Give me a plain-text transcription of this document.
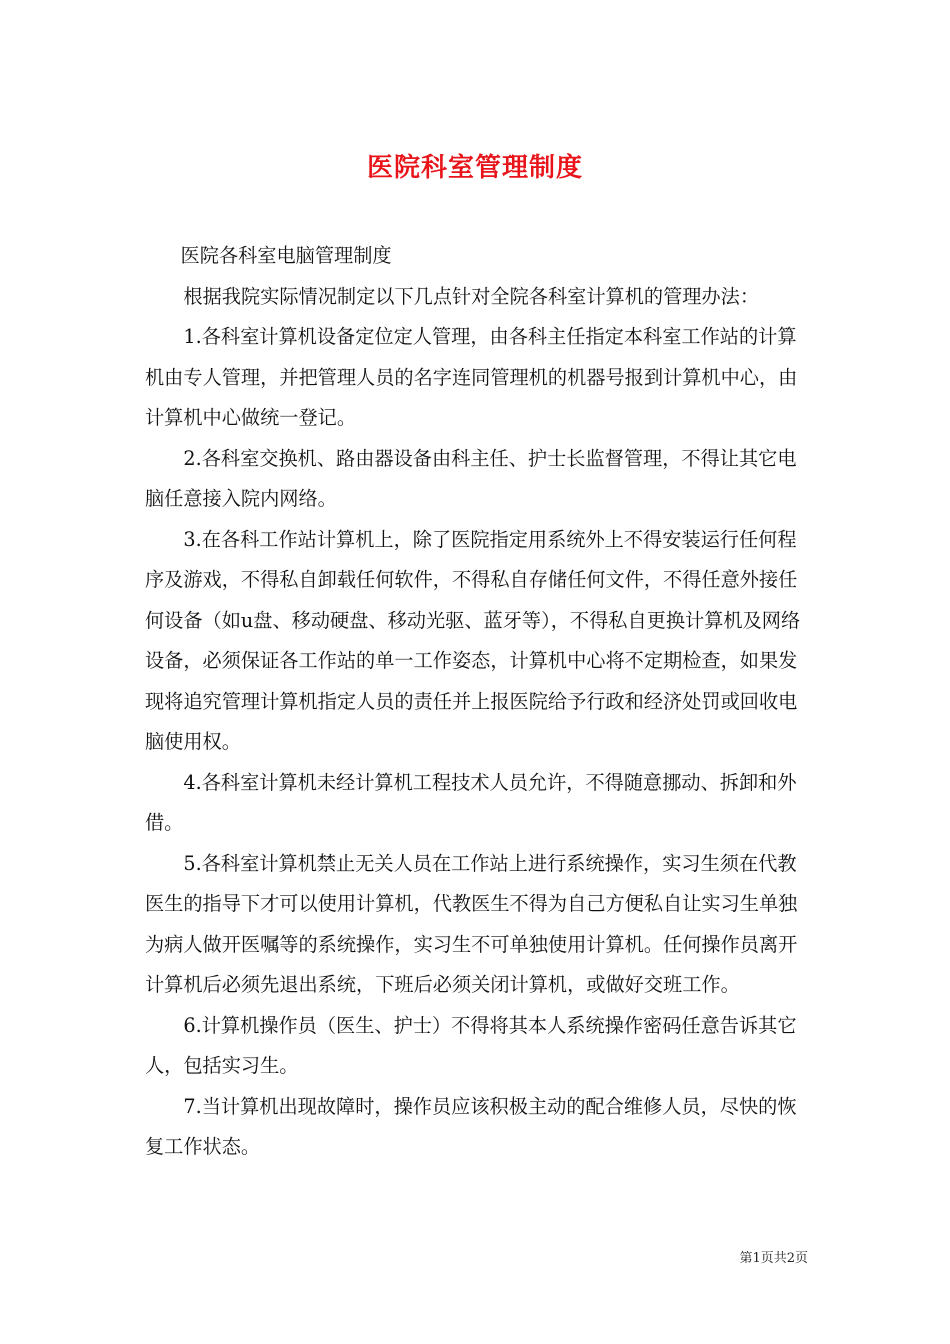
医院科室管理制度

医院各科室电脑管理制度

根据我院实际情况制定以下几点针对全院各科室计算机的管理办法：

1.各科室计算机设备定位定人管理，由各科主任指定本科室工作站的计算机由专人管理，并把管理人员的名字连同管理机的机器号报到计算机中心，由计算机中心做统一登记。

2.各科室交换机、路由器设备由科主任、护士长监督管理，不得让其它电脑任意接入院内网络。

3.在各科工作站计算机上，除了医院指定用系统外上不得安装运行任何程序及游戏，不得私自卸载任何软件，不得私自存储任何文件，不得任意外接任何设备（如u盘、移动硬盘、移动光驱、蓝牙等），不得私自更换计算机及网络设备，必须保证各工作站的单一工作姿态，计算机中心将不定期检查，如果发现将追究管理计算机指定人员的责任并上报医院给予行政和经济处罚或回收电脑使用权。

4.各科室计算机未经计算机工程技术人员允许，不得随意挪动、拆卸和外借。

5.各科室计算机禁止无关人员在工作站上进行系统操作，实习生须在代教医生的指导下才可以使用计算机，代教医生不得为自己方便私自让实习生单独为病人做开医嘱等的系统操作，实习生不可单独使用计算机。任何操作员离开计算机后必须先退出系统，下班后必须关闭计算机，或做好交班工作。

6.计算机操作员（医生、护士）不得将其本人系统操作密码任意告诉其它人，包括实习生。

7.当计算机出现故障时，操作员应该积极主动的配合维修人员，尽快的恢复工作状态。

第1页共2页
